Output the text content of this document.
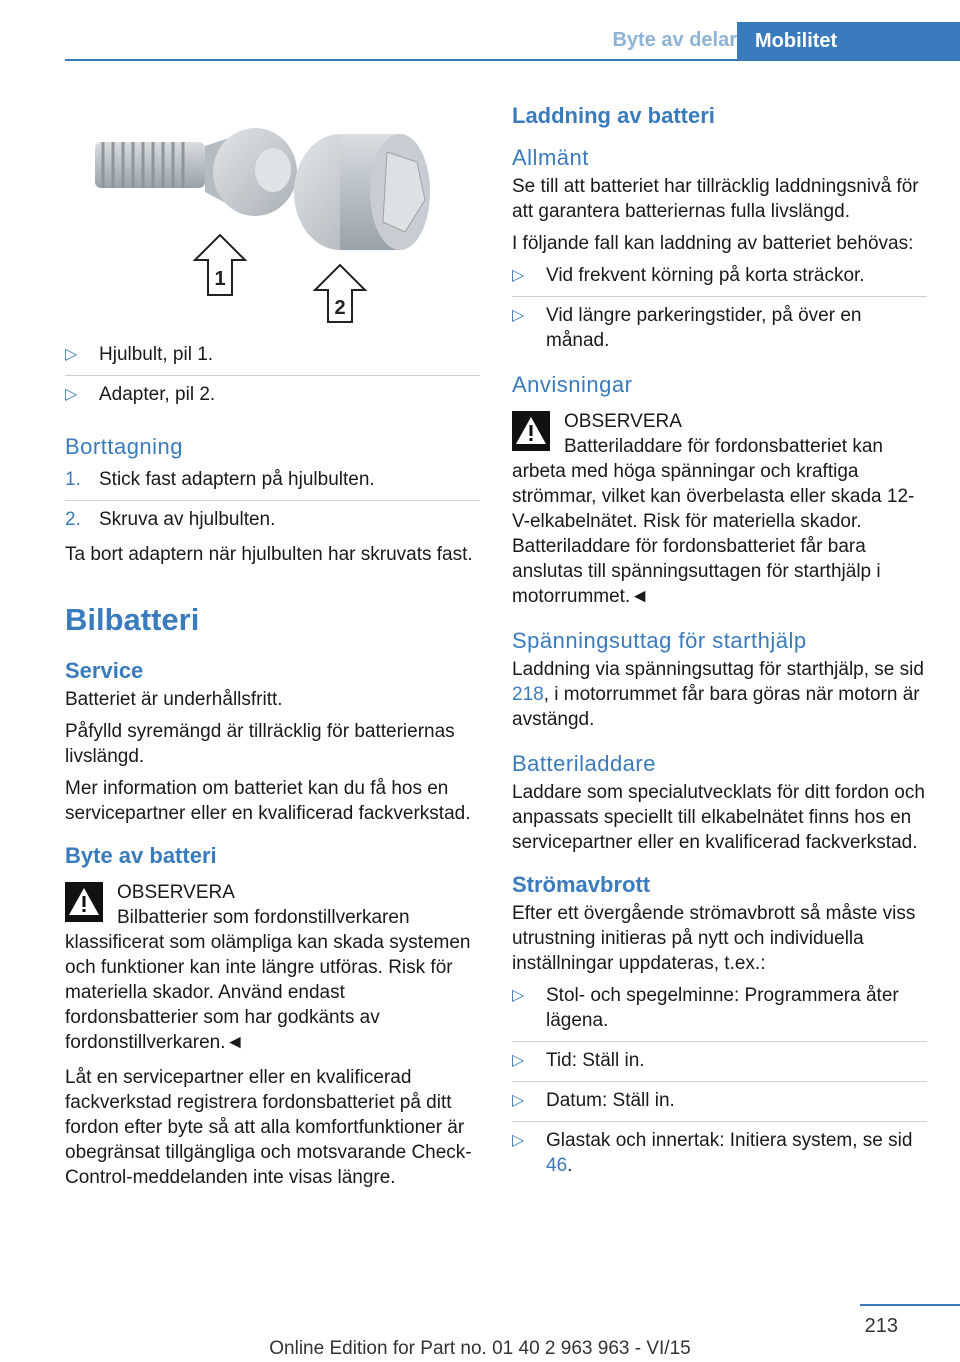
Byte av delar Mobilitet
1
2
▷ Hjulbult, pil 1.
▷ Adapter, pil 2.
Borttagning
1. Stick fast adaptern på hjulbulten.
2. Skruva av hjulbulten.

Ta bort adaptern när hjulbulten har skruvats fast.

Bilbatteri
Service

Batteriet är underhållsfritt.

Påfylld syremängd är tillräcklig för batteriernas livslängd.

Mer information om batteriet kan du få hos en servicepartner eller en kvalificerad fackverkstad.

Byte av batteri

OBSERVERA

Bilbatterier som fordonstillverkaren klassificerat som olämpliga kan skada systemen och funktioner kan inte längre utföras. Risk för materiella skador. Använd endast fordonsbatterier som har godkänts av fordonstillverkaren.◄

Låt en servicepartner eller en kvalificerad fackverkstad registrera fordonsbatteriet på ditt fordon efter byte så att alla komfortfunktioner är obegränsat tillgängliga och motsvarande Check-Control-meddelanden inte visas längre.

Laddning av batteri
Allmänt

Se till att batteriet har tillräcklig laddningsnivå för att garantera batteriernas fulla livslängd.

I följande fall kan laddning av batteriet behövas:

▷ Vid frekvent körning på korta sträckor.
▷ Vid längre parkeringstider, på över en månad.
Anvisningar

OBSERVERA

Batteriladdare för fordonsbatteriet kan arbeta med höga spänningar och kraftiga strömmar, vilket kan överbelasta eller skada 12-V-elkabelnätet. Risk för materiella skador. Batteriladdare för fordonsbatteriet får bara anslutas till spänningsuttagen för starthjälp i motorrummet.◄

Spänningsuttag för starthjälp

Laddning via spänningsuttag för starthjälp, se sid 218, i motorrummet får bara göras när motorn är avstängd.

Batteriladdare

Laddare som specialutvecklats för ditt fordon och anpassats speciellt till elkabelnätet finns hos en servicepartner eller en kvalificerad fackverkstad.

Strömavbrott

Efter ett övergående strömavbrott så måste viss utrustning initieras på nytt och individuella inställningar uppdateras, t.ex.:

▷ Stol- och spegelminne: Programmera åter lägena.
▷ Tid: Ställ in.
▷ Datum: Ställ in.
▷ Glastak och innertak: Initiera system, se sid 46.
213
Online Edition for Part no. 01 40 2 963 963 - VI/15
